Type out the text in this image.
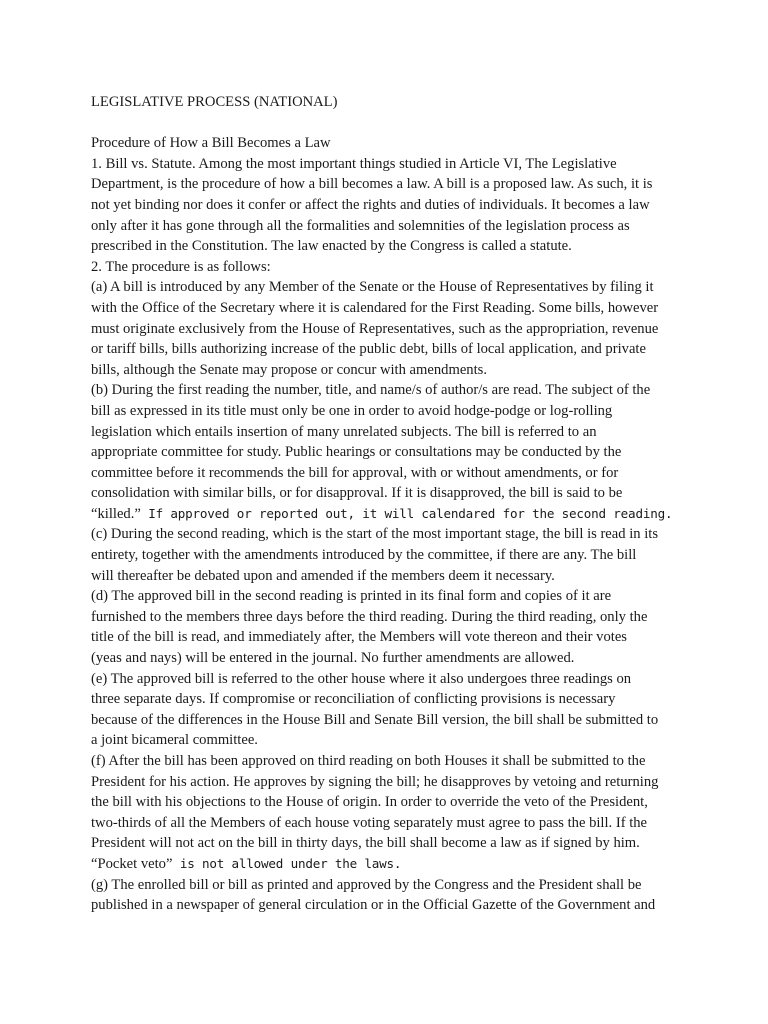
LEGISLATIVE PROCESS (NATIONAL)
Procedure of How a Bill Becomes a Law
1. Bill vs. Statute. Among the most important things studied in Article VI, The Legislative
Department, is the procedure of how a bill becomes a law. A bill is a proposed law. As such, it is
not yet binding nor does it confer or affect the rights and duties of individuals. It becomes a law
only after it has gone through all the formalities and solemnities of the legislation process as
prescribed in the Constitution. The law enacted by the Congress is called a statute.
2. The procedure is as follows:
(a) A bill is introduced by any Member of the Senate or the House of Representatives by filing it
with the Office of the Secretary where it is calendared for the First Reading. Some bills, however
must originate exclusively from the House of Representatives, such as the appropriation, revenue
or tariff bills, bills authorizing increase of the public debt, bills of local application, and private
bills, although the Senate may propose or concur with amendments.
(b) During the first reading the number, title, and name/s of author/s are read. The subject of the
bill as expressed in its title must only be one in order to avoid hodge-podge or log-rolling
legislation which entails insertion of many unrelated subjects. The bill is referred to an
appropriate committee for study. Public hearings or consultations may be conducted by the
committee before it recommends the bill for approval, with or without amendments, or for
consolidation with similar bills, or for disapproval. If it is disapproved, the bill is said to be
“killed.” If approved or reported out, it will calendared for the second reading.
(c) During the second reading, which is the start of the most important stage, the bill is read in its
entirety, together with the amendments introduced by the committee, if there are any. The bill
will thereafter be debated upon and amended if the members deem it necessary.
(d) The approved bill in the second reading is printed in its final form and copies of it are
furnished to the members three days before the third reading. During the third reading, only the
title of the bill is read, and immediately after, the Members will vote thereon and their votes
(yeas and nays) will be entered in the journal. No further amendments are allowed.
(e) The approved bill is referred to the other house where it also undergoes three readings on
three separate days. If compromise or reconciliation of conflicting provisions is necessary
because of the differences in the House Bill and Senate Bill version, the bill shall be submitted to
a joint bicameral committee.
(f) After the bill has been approved on third reading on both Houses it shall be submitted to the
President for his action. He approves by signing the bill; he disapproves by vetoing and returning
the bill with his objections to the House of origin. In order to override the veto of the President,
two-thirds of all the Members of each house voting separately must agree to pass the bill. If the
President will not act on the bill in thirty days, the bill shall become a law as if signed by him.
“Pocket veto” is not allowed under the laws.
(g) The enrolled bill or bill as printed and approved by the Congress and the President shall be
published in a newspaper of general circulation or in the Official Gazette of the Government and
